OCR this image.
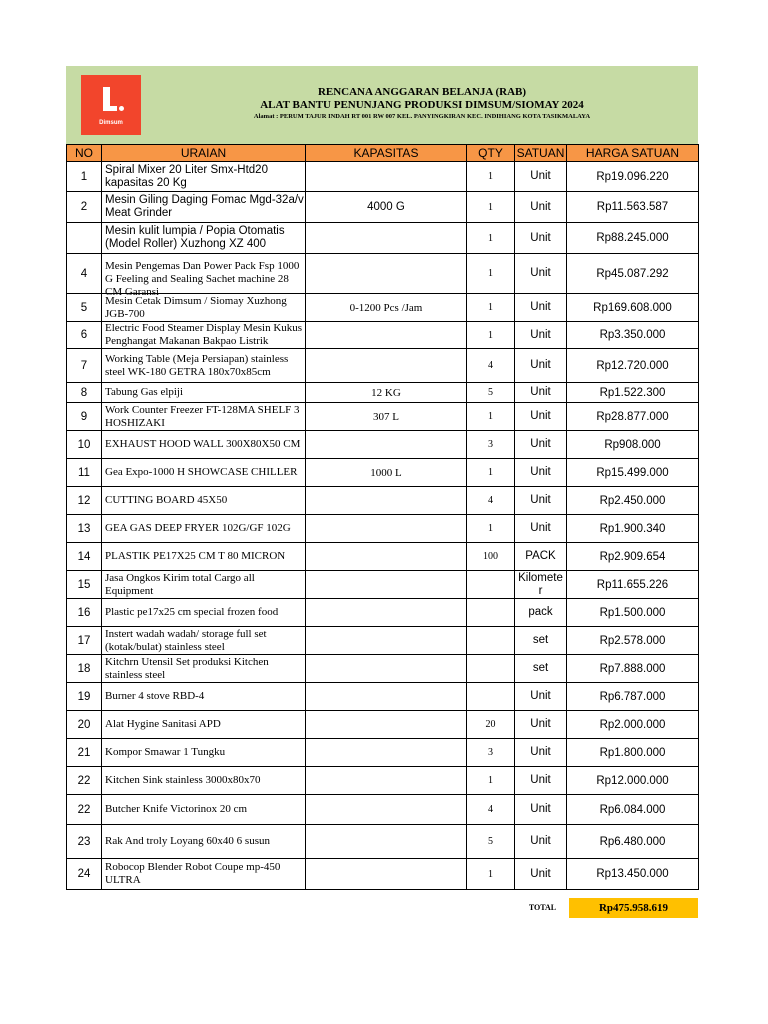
Dimsum
RENCANA ANGGARAN BELANJA (RAB)
ALAT BANTU PENUNJANG PRODUKSI DIMSUM/SIOMAY 2024
Alamat : PERUM TAJUR INDAH RT 001 RW 007 KEL. PANYINGKIRAN KEC. INDIHIANG KOTA TASIKMALAYA
NO	URAIAN	KAPASITAS	QTY	SATUAN	HARGA SATUAN
1	Spiral Mixer 20 Liter Smx-Htd20 kapasitas 20 Kg		1	Unit	Rp19.096.220
2	Mesin Giling Daging Fomac Mgd-32a/v Meat Grinder	4000 G	1	Unit	Rp11.563.587

	Mesin kulit lumpia / Popia Otomatis (Model Roller) Xuzhong XZ 400		1	Unit	Rp88.245.000
4	Mesin Pengemas Dan Power Pack Fsp 1000 G Feeling and Sealing Sachet machine 28 CM Garansi		1	Unit	Rp45.087.292
5	Mesin Cetak Dimsum / Siomay Xuzhong JGB-700	0-1200 Pcs /Jam	1	Unit	Rp169.608.000
6	Electric Food Steamer Display Mesin Kukus Penghangat Makanan Bakpao Listrik		1	Unit	Rp3.350.000
7	Working Table (Meja Persiapan) stainless steel WK-180 GETRA 180x70x85cm		4	Unit	Rp12.720.000
8	Tabung Gas elpiji	12 KG	5	Unit	Rp1.522.300
9	Work Counter Freezer FT-128MA SHELF 3 HOSHIZAKI	307 L	1	Unit	Rp28.877.000
10	EXHAUST HOOD WALL 300X80X50 CM		3	Unit	Rp908.000
11	Gea Expo-1000 H SHOWCASE CHILLER	1000 L	1	Unit	Rp15.499.000
12	CUTTING BOARD 45X50		4	Unit	Rp2.450.000
13	GEA GAS DEEP FRYER 102G/GF 102G		1	Unit	Rp1.900.340
14	PLASTIK PE17X25 CM T 80 MICRON		100	PACK	Rp2.909.654
15	Jasa Ongkos Kirim total Cargo all Equipment			Kilomete r	Rp11.655.226
16	Plastic pe17x25 cm special frozen food			pack	Rp1.500.000
17	Instert wadah wadah/ storage full set (kotak/bulat) stainless steel			set	Rp2.578.000
18	Kitchrn Utensil Set produksi Kitchen stainless steel			set	Rp7.888.000
19	Burner 4 stove RBD-4			Unit	Rp6.787.000
20	Alat Hygine Sanitasi APD		20	Unit	Rp2.000.000
21	Kompor Smawar 1 Tungku		3	Unit	Rp1.800.000
22	Kitchen Sink stainless 3000x80x70		1	Unit	Rp12.000.000
22	Butcher Knife Victorinox 20 cm		4	Unit	Rp6.084.000
23	Rak And troly Loyang 60x40 6 susun		5	Unit	Rp6.480.000
24	Robocop Blender Robot Coupe mp-450 ULTRA		1	Unit	Rp13.450.000
TOTAL	Rp475.958.619
